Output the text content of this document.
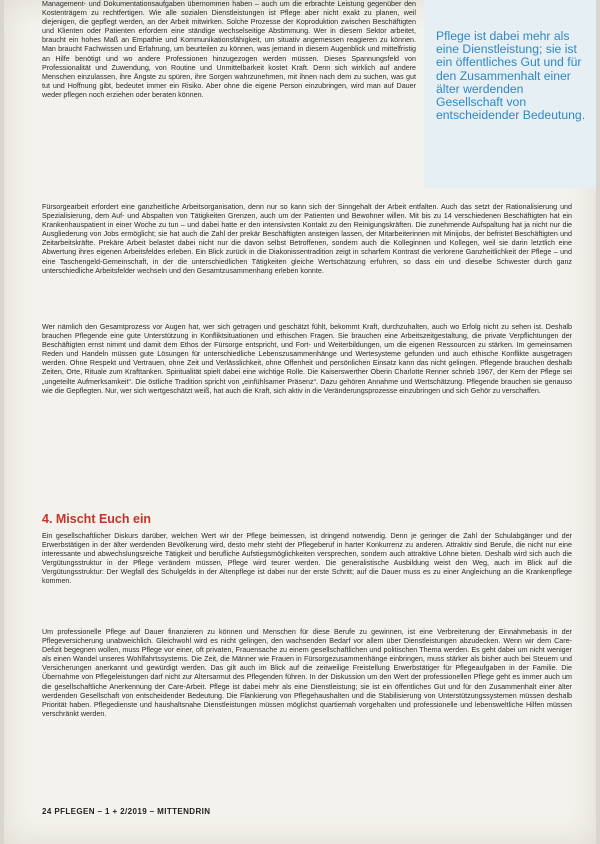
Management- und Dokumentationsaufgaben übernommen haben – auch um die erbrachte Leistung gegenüber den Kostenträgern zu rechtfertigen. Wie alle sozialen Dienstleistungen ist Pflege aber nicht exakt zu planen, weil diejenigen, die gepflegt werden, an der Arbeit mitwirken. Solche Prozesse der Koproduktion zwischen Beschäftigten und Klienten oder Patienten erfordern eine ständige wechselseitige Abstimmung. Wer in diesem Sektor arbeitet, braucht ein hohes Maß an Empathie und Kommunikationsfähigkeit, um situativ angemessen reagieren zu können. Man braucht Fachwissen und Erfahrung, um beurteilen zu können, was jemand in diesem Augenblick und mittelfristig an Hilfe benötigt und wo andere Professionen hinzugezogen werden müssen. Dieses Spannungsfeld von Professionalität und Zuwendung, von Routine und Unmittelbarkeit kostet Kraft. Denn sich wirklich auf andere Menschen einzulassen, ihre Ängste zu spüren, ihre Sorgen wahrzunehmen, mit ihnen nach dem zu suchen, was gut tut und Hoffnung gibt, bedeutet immer ein Risiko. Aber ohne die eigene Person einzubringen, wird man auf Dauer weder pflegen noch erziehen oder beraten können.

Pflege ist dabei mehr als eine Dienstleistung; sie ist ein öffentliches Gut und für den Zusammenhalt einer älter werdenden Gesellschaft von entscheidender Bedeutung.

Fürsorgearbeit erfordert eine ganzheitliche Arbeitsorganisation, denn nur so kann sich der Sinngehalt der Arbeit entfalten. Auch das setzt der Rationalisierung und Spezialisierung, dem Auf- und Abspalten von Tätigkeiten Grenzen, auch um der Patienten und Bewohner willen. Mit bis zu 14 verschiedenen Beschäftigten hat ein Krankenhauspatient in einer Woche zu tun – und dabei hatte er den intensivsten Kontakt zu den Reinigungskräften. Die zunehmende Aufspaltung hat ja nicht nur die Ausgliederung von Jobs ermöglicht; sie hat auch die Zahl der prekär Beschäftigten ansteigen lassen, der Mitarbeiterinnen mit Minijobs, der befristet Beschäftigten und Zeitarbeitskräfte. Prekäre Arbeit belastet dabei nicht nur die davon selbst Betroffenen, sondern auch die Kolleginnen und Kollegen, weil sie darin letztlich eine Abwertung ihres eigenen Arbeitsfeldes erleben. Ein Blick zurück in die Diakonissentradition zeigt in scharfem Kontrast die verlorene Ganzheitlichkeit der Pflege – und eine Taschengeld-Gemeinschaft, in der die unterschiedlichen Tätigkeiten gleiche Wertschätzung erfuhren, so dass ein und dieselbe Schwester durch ganz unterschiedliche Arbeitsfelder wechseln und den Gesamtzusammenhang erleben konnte.

Wer nämlich den Gesamtprozess vor Augen hat, wer sich getragen und geschätzt fühlt, bekommt Kraft, durchzuhalten, auch wo Erfolg nicht zu sehen ist. Deshalb brauchen Pflegende eine gute Unterstützung in Konfliktsituationen und ethischen Fragen. Sie brauchen eine Arbeitszeitgestaltung, die private Verpflichtungen der Beschäftigten ernst nimmt und damit dem Ethos der Fürsorge entspricht, und Fort- und Weiterbildungen, um die eigenen Ressourcen zu stärken. Im gemeinsamen Reden und Handeln müssen gute Lösungen für unterschiedliche Lebenszusammenhänge und Wertesysteme gefunden und auch ethische Konflikte ausgetragen werden. Ohne Respekt und Vertrauen, ohne Zeit und Verlässlichkeit, ohne Offenheit und persönlichen Einsatz kann das nicht gelingen. Pflegende brauchen deshalb Zeiten, Orte, Rituale zum Krafttanken. Spiritualität spielt dabei eine wichtige Rolle. Die Kaiserswerther Oberin Charlotte Renner schrieb 1967, der Kern der Pflege sei „ungeteilte Aufmerksamkeit“. Die östliche Tradition spricht von „einfühlsamer Präsenz“. Dazu gehören Annahme und Wertschätzung. Pflegende brauchen sie genauso wie die Gepflegten. Nur, wer sich wertgeschätzt weiß, hat auch die Kraft, sich aktiv in die Veränderungsprozesse einzubringen und sich Gehör zu verschaffen.

4. Mischt Euch ein

Ein gesellschaftlicher Diskurs darüber, welchen Wert wir der Pflege beimessen, ist dringend notwendig. Denn je geringer die Zahl der Schulabgänger und der Erwerbstätigen in der älter werdenden Bevölkerung wird, desto mehr steht der Pflegeberuf in harter Konkurrenz zu anderen. Attraktiv sind Berufe, die nicht nur eine interessante und abwechslungsreiche Tätigkeit und berufliche Aufstiegsmöglichkeiten versprechen, sondern auch attraktive Löhne bieten. Deshalb wird sich auch die Vergütungsstruktur in der Pflege verändern müssen, Pflege wird teurer werden. Die generalistische Ausbildung weist den Weg, auch im Blick auf die Vergütungsstruktur: Der Wegfall des Schulgelds in der Altenpflege ist dabei nur der erste Schritt; auf die Dauer muss es zu einer Angleichung an die Krankenpflege kommen.

Um professionelle Pflege auf Dauer finanzieren zu können und Menschen für diese Berufe zu gewinnen, ist eine Verbreiterung der Einnahmebasis in der Pflegeversicherung unabweichlich. Gleichwohl wird es nicht gelingen, den wachsenden Bedarf vor allem über Dienstleistungen abzudecken. Wenn wir dem Care-Defizit begegnen wollen, muss Pflege vor einer, oft privaten, Frauensache zu einem gesellschaftlichen und politischen Thema werden. Es geht dabei um nicht weniger als einen Wandel unseres Wohlfahrtssystems. Die Zeit, die Männer wie Frauen in Fürsorgezusammenhänge einbringen, muss stärker als bisher auch bei Steuern und Versicherungen anerkannt und gewürdigt werden. Das gilt auch im Blick auf die zeitweilige Freistellung Erwerbstätiger für Pflegeaufgaben in der Familie. Die Übernahme von Pflegeleistungen darf nicht zur Altersarmut des Pflegenden führen. In der Diskussion um den Wert der professionellen Pflege geht es immer auch um die gesellschaftliche Anerkennung der Care-Arbeit. Pflege ist dabei mehr als eine Dienstleistung; sie ist ein öffentliches Gut und für den Zusammenhalt einer älter werdenden Gesellschaft von entscheidender Bedeutung. Die Flankierung von Pflegehaushalten und die Stabilisierung von Unterstützungssystemen müssen deshalb Priorität haben. Pflegedienste und haushaltsnahe Dienstleistungen müssen möglichst quartiernah vorgehalten und professionelle und lebensweltliche Hilfen müssen verschränkt werden.

24 PFLEGEN – 1 + 2/2019 – MITTENDRIN
